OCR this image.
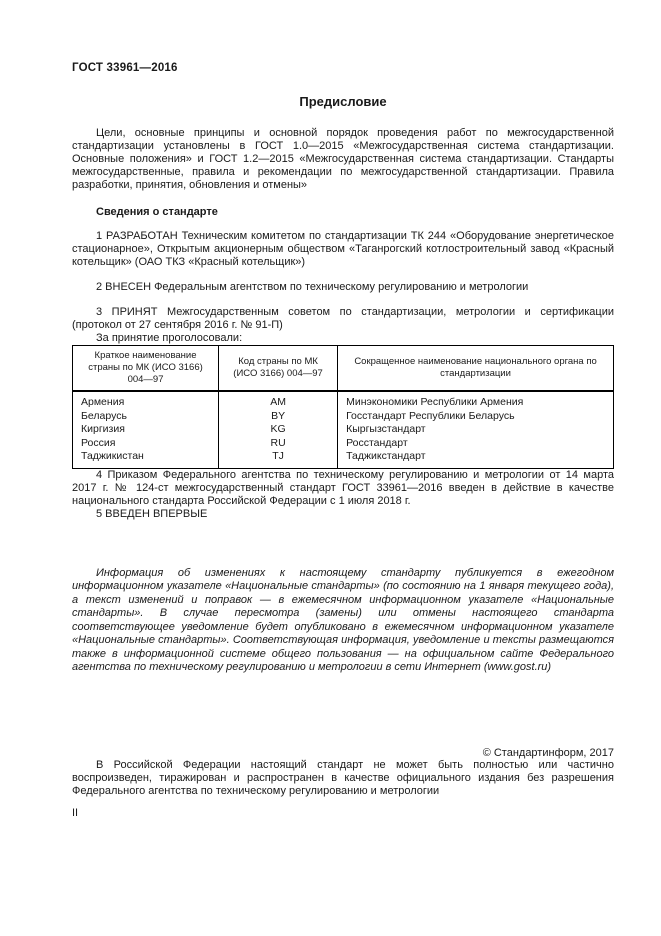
ГОСТ 33961—2016
Предисловие

Цели, основные принципы и основной порядок проведения работ по межгосударственной стандартизации установлены в ГОСТ 1.0—2015 «Межгосударственная система стандартизации. Основные положения» и ГОСТ 1.2—2015 «Межгосударственная система стандартизации. Стандарты межгосударственные, правила и рекомендации по межгосударственной стандартизации. Правила разработки, принятия, обновления и отмены»

Сведения о стандарте

1 РАЗРАБОТАН Техническим комитетом по стандартизации ТК 244 «Оборудование энергетическое стационарное», Открытым акционерным обществом «Таганрогский котлостроительный завод «Красный котельщик» (ОАО ТКЗ «Красный котельщик»)

2 ВНЕСЕН Федеральным агентством по техническому регулированию и метрологии

3 ПРИНЯТ Межгосударственным советом по стандартизации, метрологии и сертификации (протокол от 27 сентября 2016 г. № 91-П)

За принятие проголосовали:

Краткое наименование страны по МК (ИСО 3166) 004—97	Код страны по МК (ИСО 3166) 004—97	Сокращенное наименование национального органа по стандартизации
Армения	AM	Минэкономики Республики Армения
Беларусь	BY	Госстандарт Республики Беларусь
Киргизия	KG	Кыргызстандарт
Россия	RU	Росстандарт
Таджикистан	TJ	Таджикстандарт

4 Приказом Федерального агентства по техническому регулированию и метрологии от 14 марта 2017 г. № 124-ст межгосударственный стандарт ГОСТ 33961—2016 введен в действие в качестве национального стандарта Российской Федерации с 1 июля 2018 г.

5 ВВЕДЕН ВПЕРВЫЕ

Информация об изменениях к настоящему стандарту публикуется в ежегодном информационном указателе «Национальные стандарты» (по состоянию на 1 января текущего года), а текст изменений и поправок — в ежемесячном информационном указателе «Национальные стандарты». В случае пересмотра (замены) или отмены настоящего стандарта соответствующее уведомление будет опубликовано в ежемесячном информационном указателе «Национальные стандарты». Соответствующая информация, уведомление и тексты размещаются также в информационной системе общего пользования — на официальном сайте Федерального агентства по техническому регулированию и метрологии в сети Интернет (www.gost.ru)
© Стандартинформ, 2017

В Российской Федерации настоящий стандарт не может быть полностью или частично воспроизведен, тиражирован и распространен в качестве официального издания без разрешения Федерального агентства по техническому регулированию и метрологии

II
